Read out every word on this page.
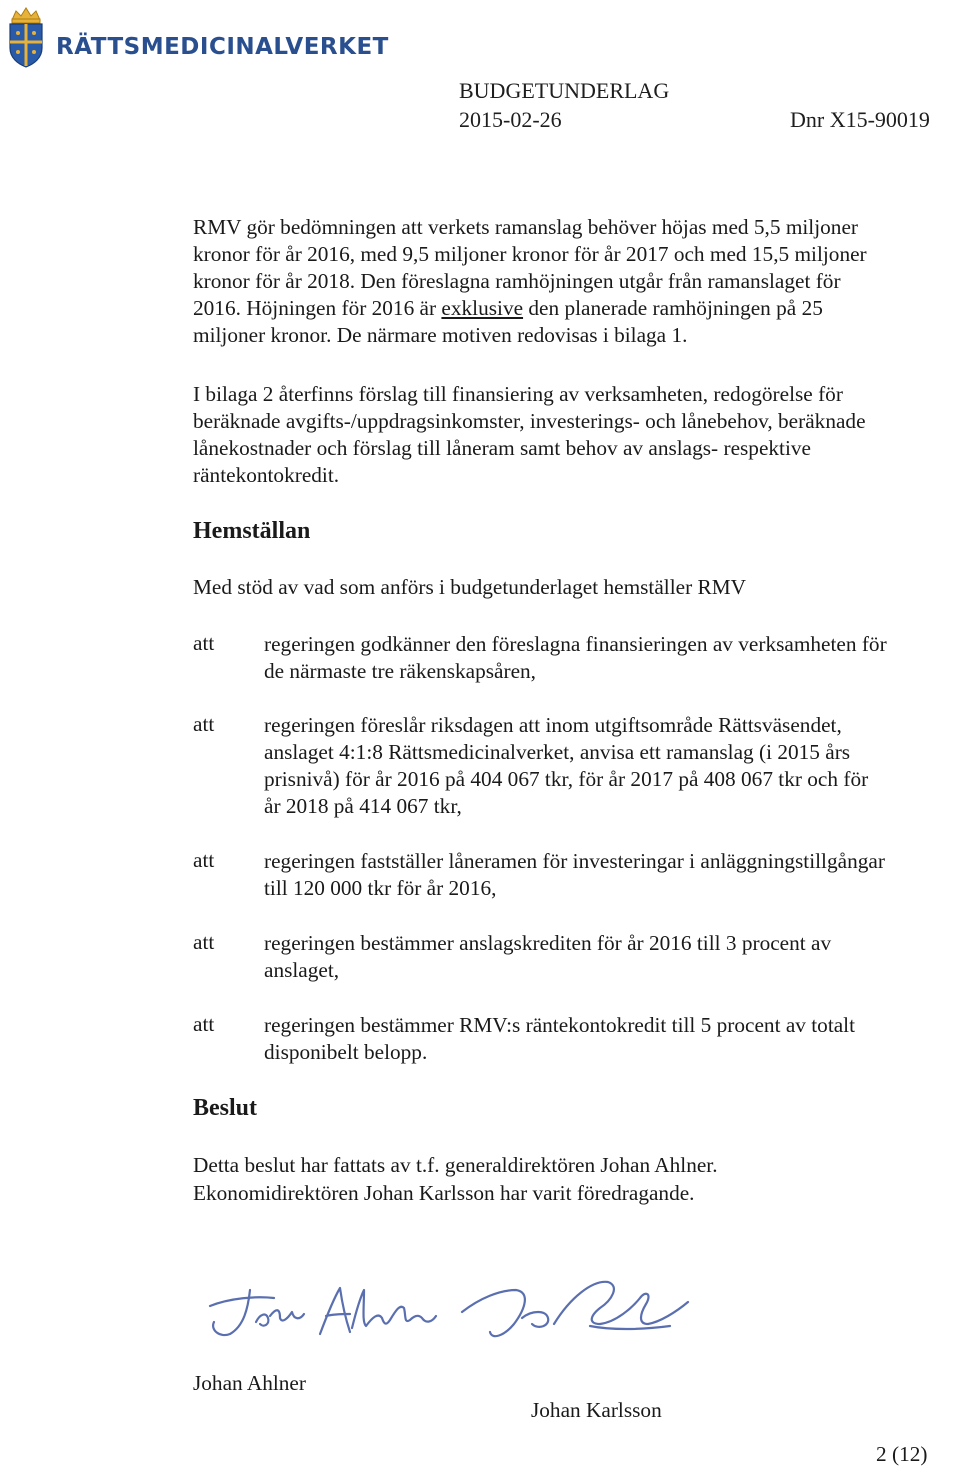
RÄTTSMEDICINALVERKET
BUDGETUNDERLAG
2015-02-26	Dnr X15-90019
RMV gör bedömningen att verkets ramanslag behöver höjas med 5,5 miljoner
kronor för år 2016, med 9,5 miljoner kronor för år 2017 och med 15,5 miljoner
kronor för år 2018. Den föreslagna ramhöjningen utgår från ramanslaget för
2016. Höjningen för 2016 är exklusive den planerade ramhöjningen på 25
miljoner kronor. De närmare motiven redovisas i bilaga 1.
I bilaga 2 återfinns förslag till finansiering av verksamheten, redogörelse för
beräknade avgifts-/uppdragsinkomster, investerings- och lånebehov, beräknade
lånekostnader och förslag till låneram samt behov av anslags- respektive
räntekontokredit.
Hemställan
Med stöd av vad som anförs i budgetunderlaget hemställer RMV
att regeringen godkänner den föreslagna finansieringen av verksamheten för
de närmaste tre räkenskapsåren,
att regeringen föreslår riksdagen att inom utgiftsområde Rättsväsendet,
anslaget 4:1:8 Rättsmedicinalverket, anvisa ett ramanslag (i 2015 års
prisnivå) för år 2016 på 404 067 tkr, för år 2017 på 408 067 tkr och för
år 2018 på 414 067 tkr,
att regeringen fastställer låneramen för investeringar i anläggningstillgångar
till 120 000 tkr för år 2016,
att regeringen bestämmer anslagskrediten för år 2016 till 3 procent av
anslaget,
att regeringen bestämmer RMV:s räntekontokredit till 5 procent av totalt
disponibelt belopp.
Beslut
Detta beslut har fattats av t.f. generaldirektören Johan Ahlner.
Ekonomidirektören Johan Karlsson har varit föredragande.
Johan Ahlner
Johan Karlsson
2 (12)
